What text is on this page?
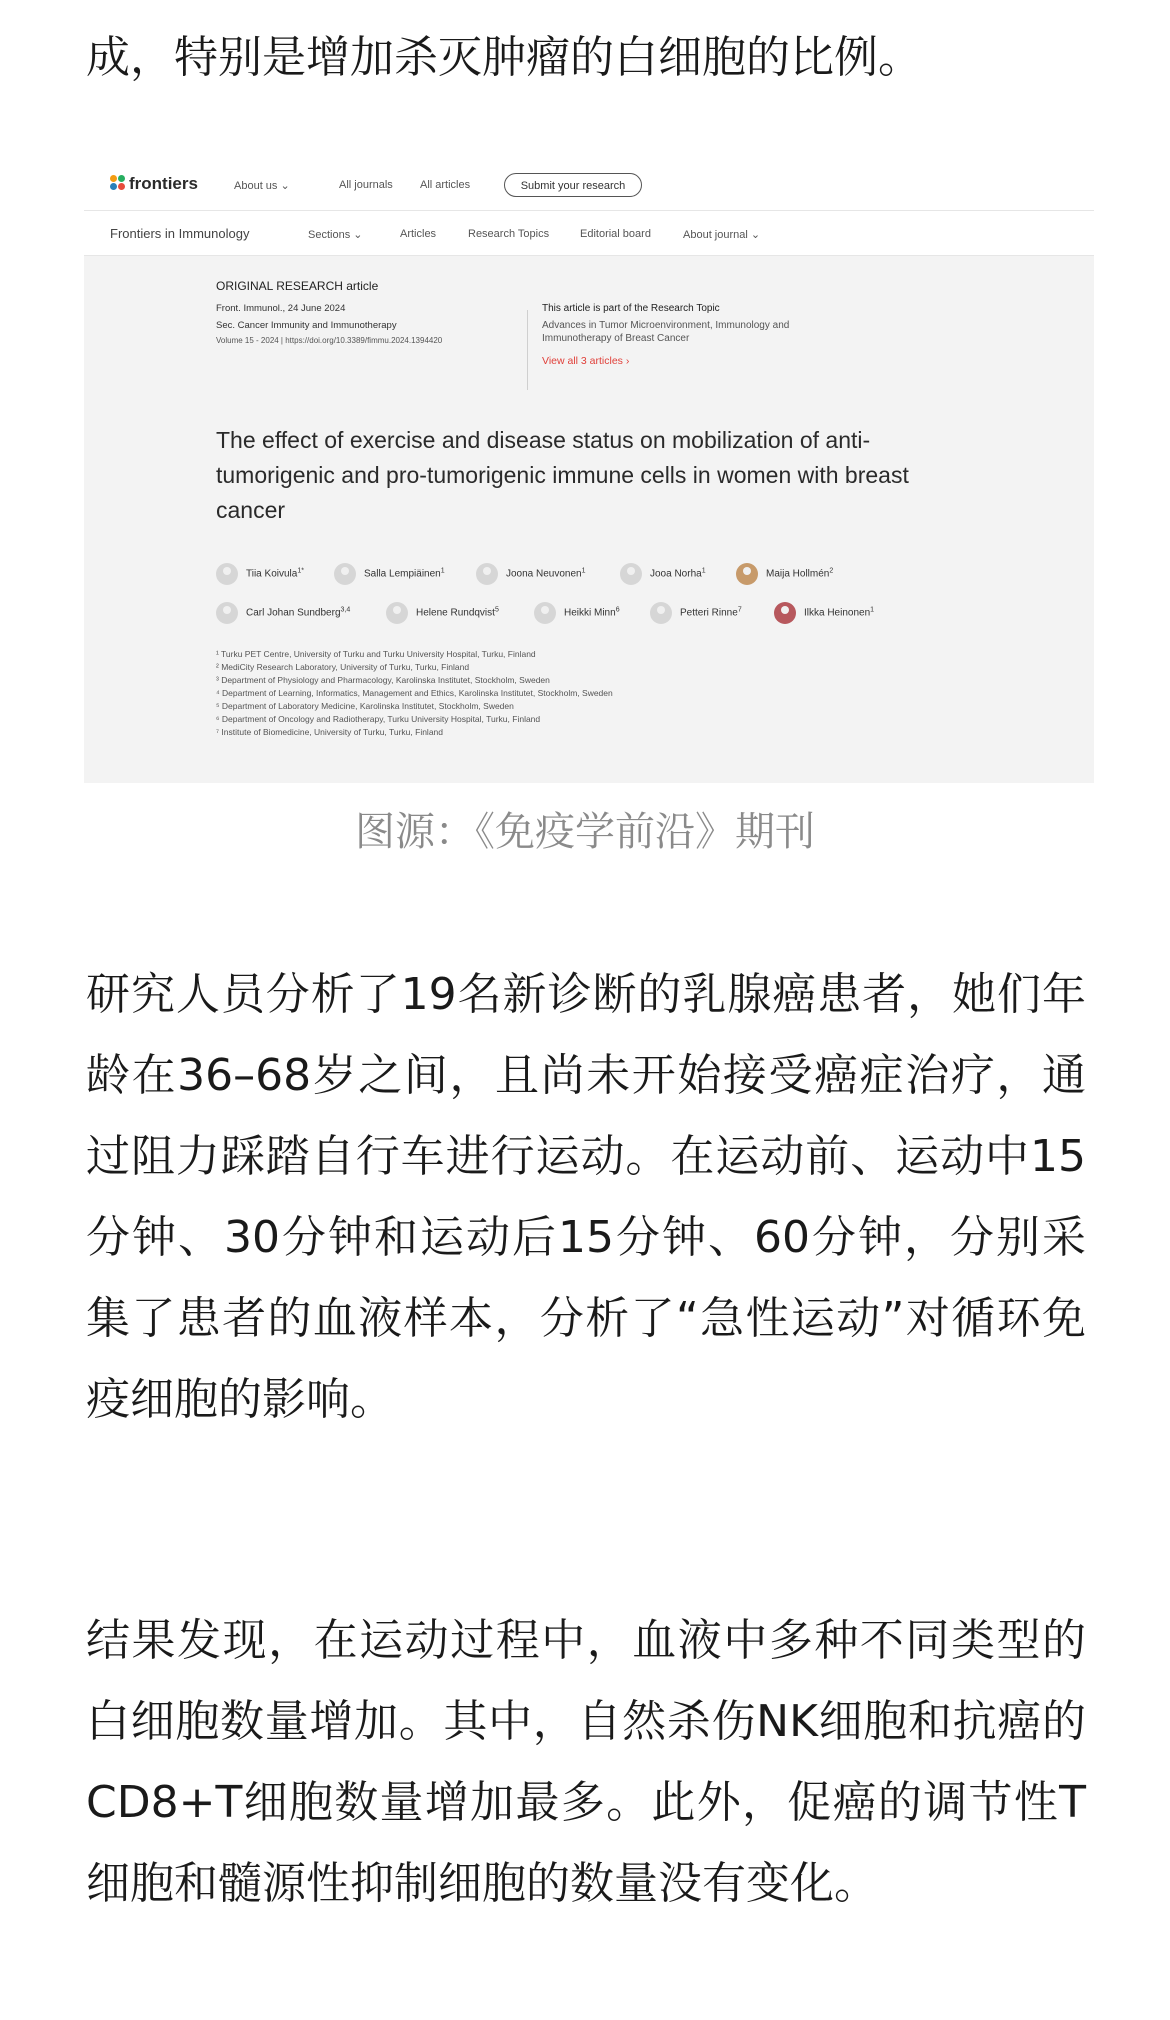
成，特别是增加杀灭肿瘤的白细胞的比例。

frontiers	About us ⌄	All journals All articles	Submit your research
Frontiers in Immunology	Sections ⌄	Articles	Research Topics	Editorial board	About journal ⌄
ORIGINAL RESEARCH article
Front. Immunol., 24 June 2024
Sec. Cancer Immunity and Immunotherapy
Volume 15 - 2024 | https://doi.org/10.3389/fimmu.2024.1394420
This article is part of the Research Topic
Advances in Tumor Microenvironment, Immunology and
Immunotherapy of Breast Cancer
View all 3 articles ›
The effect of exercise and disease status on mobilization of anti-tumorigenic and pro-tumorigenic immune cells in women with breast cancer
Tiia Koivula$^{1*}$	Salla Lempiäinen$^1$	Joona Neuvonen$^1$	Jooa Norha$^1$	Maija Hollmén$^2$
Carl Johan Sundberg$^{3,4}$	Helene Rundqvist$^5$	Heikki Minn$^6$	Petteri Rinne$^7$	Ilkka Heinonen$^1$
¹ Turku PET Centre, University of Turku and Turku University Hospital, Turku, Finland
² MediCity Research Laboratory, University of Turku, Turku, Finland
³ Department of Physiology and Pharmacology, Karolinska Institutet, Stockholm, Sweden
⁴ Department of Learning, Informatics, Management and Ethics, Karolinska Institutet, Stockholm, Sweden
⁵ Department of Laboratory Medicine, Karolinska Institutet, Stockholm, Sweden
⁶ Department of Oncology and Radiotherapy, Turku University Hospital, Turku, Finland
⁷ Institute of Biomedicine, University of Turku, Turku, Finland

图源：《免疫学前沿》期刊

研究人员分析了19名新诊断的乳腺癌患者，她们年龄在36–68岁之间，且尚未开始接受癌症治疗，通过阻力踩踏自行车进行运动。在运动前、运动中15分钟、30分钟和运动后15分钟、60分钟，分别采集了患者的血液样本，分析了“急性运动”对循环免疫细胞的影响。

结果发现，在运动过程中，血液中多种不同类型的白细胞数量增加。其中，自然杀伤NK细胞和抗癌的CD8+T细胞数量增加最多。此外，促癌的调节性T细胞和髓源性抑制细胞的数量没有变化。
